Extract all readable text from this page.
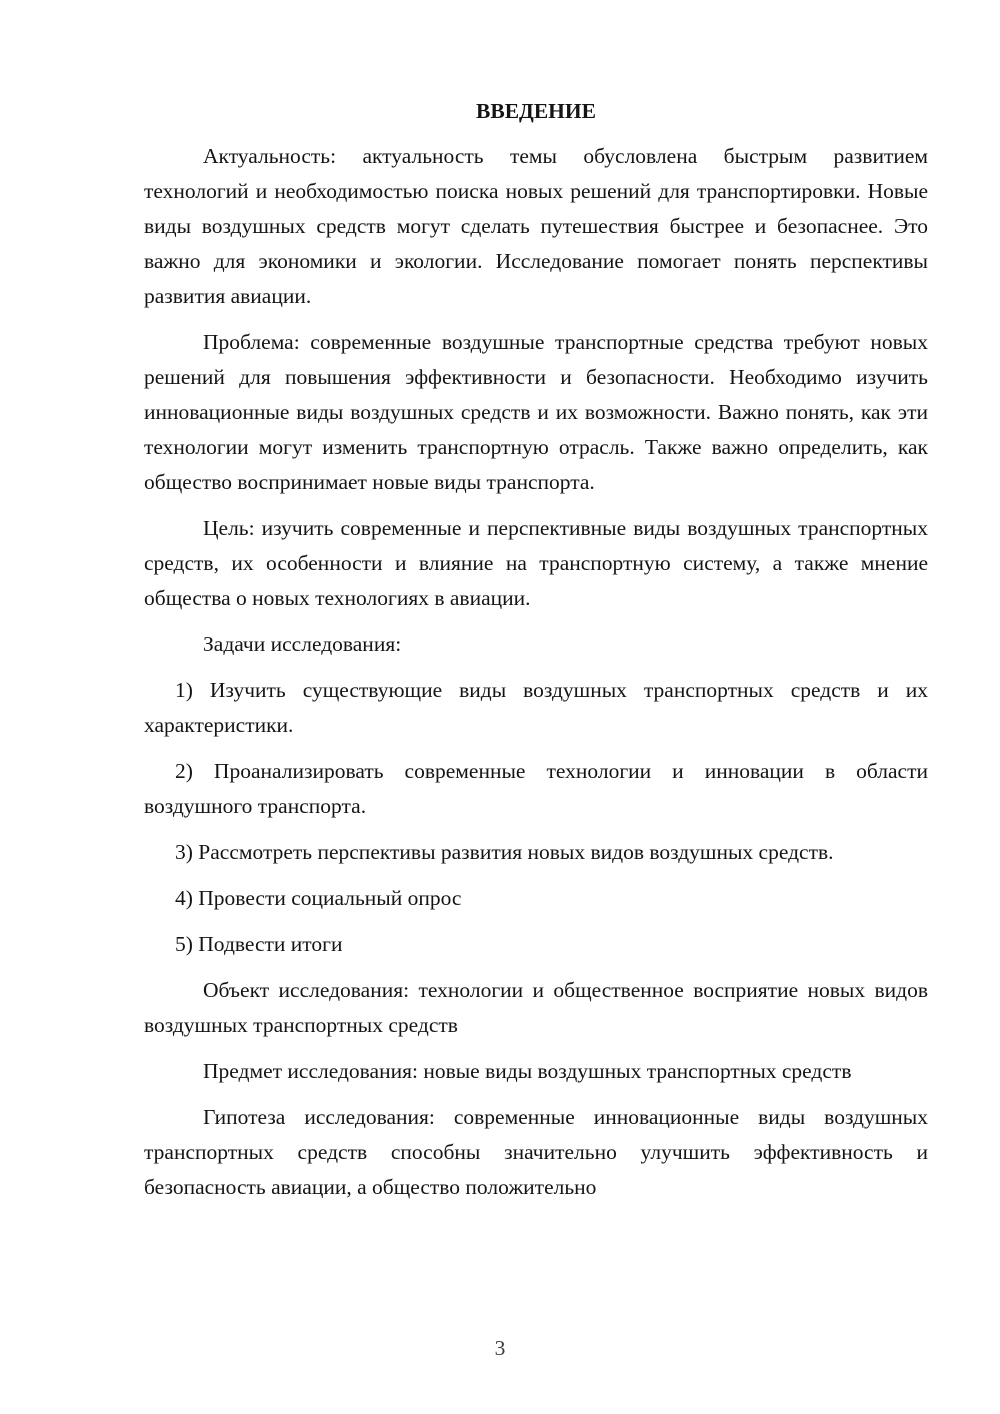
ВВЕДЕНИЕ

Актуальность: актуальность темы обусловлена быстрым развитием технологий и необходимостью поиска новых решений для транспортировки. Новые виды воздушных средств могут сделать путешествия быстрее и безопаснее. Это важно для экономики и экологии. Исследование помогает понять перспективы развития авиации.

Проблема: современные воздушные транспортные средства требуют новых решений для повышения эффективности и безопасности. Необходимо изучить инновационные виды воздушных средств и их возможности. Важно понять, как эти технологии могут изменить транспортную отрасль. Также важно определить, как общество воспринимает новые виды транспорта.

Цель: изучить современные и перспективные виды воздушных транспортных средств, их особенности и влияние на транспортную систему, а также мнение общества о новых технологиях в авиации.

Задачи исследования:

1) Изучить существующие виды воздушных транспортных средств и их характеристики.

2) Проанализировать современные технологии и инновации в области воздушного транспорта.

3) Рассмотреть перспективы развития новых видов воздушных средств.

4) Провести социальный опрос

5) Подвести итоги

Объект исследования: технологии и общественное восприятие новых видов воздушных транспортных средств

Предмет исследования: новые виды воздушных транспортных средств

Гипотеза исследования: современные инновационные виды воздушных транспортных средств способны значительно улучшить эффективность и безопасность авиации, а общество положительно

3
